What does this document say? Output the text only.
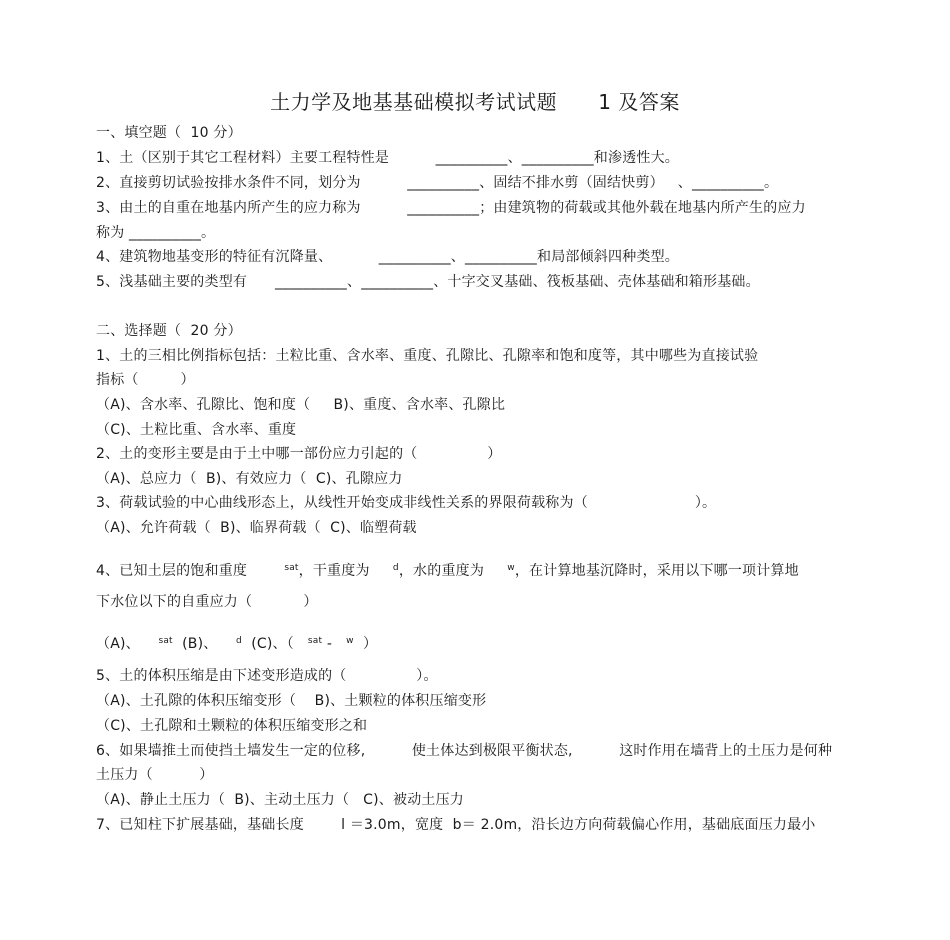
土力学及地基基础模拟考试试题      1 及答案
一、填空题（  10 分）
1、土（区别于其它工程材料）主要工程特性是          __________、__________和渗透性大。
2、直接剪切试验按排水条件不同，划分为          __________、固结不排水剪（固结快剪）   、__________。
3、由土的自重在地基内所产生的应力称为          __________；由建筑物的荷载或其他外载在地基内所产生的应力
称为 __________。
4、建筑物地基变形的特征有沉降量、          __________、__________和局部倾斜四种类型。
5、浅基础主要的类型有      __________、__________、十字交叉基础、筏板基础、壳体基础和箱形基础。
二、选择题（  20 分）
1、土的三相比例指标包括：土粒比重、含水率、重度、孔隙比、孔隙率和饱和度等，其中哪些为直接试验
指标（         ）
（A)、含水率、孔隙比、饱和度（     B)、重度、含水率、孔隙比
（C)、土粒比重、含水率、重度
2、土的变形主要是由于土中哪一部份应力引起的（               ）
（A)、总应力（  B)、有效应力（  C)、孔隙应力
3、荷载试验的中心曲线形态上，从线性开始变成非线性关系的界限荷载称为（                       ）。
（A)、允许荷载（  B)、临界荷载（  C)、临塑荷载
4、已知土层的饱和重度        $^{sat}$，干重度为     $^d$，水的重度为     $^w$，在计算地基沉降时，采用以下哪一项计算地
下水位以下的自重应力（           ）
（A)、    $^{sat}$  (B)、    $^d$  (C)、（   $^{sat}$ -   $^w$  ）
5、土的体积压缩是由下述变形造成的（               ）。
（A)、土孔隙的体积压缩变形（    B)、土颗粒的体积压缩变形
（C)、土孔隙和土颗粒的体积压缩变形之和
6、如果墙推土而使挡土墙发生一定的位移,          使土体达到极限平衡状态,          这时作用在墙背上的土压力是何种
土压力（          ）
（A)、静止土压力（  B)、主动土压力（   C)、被动土压力
7、已知柱下扩展基础，基础长度        l ＝3.0m，宽度  b＝ 2.0m，沿长边方向荷载偏心作用，基础底面压力最小
